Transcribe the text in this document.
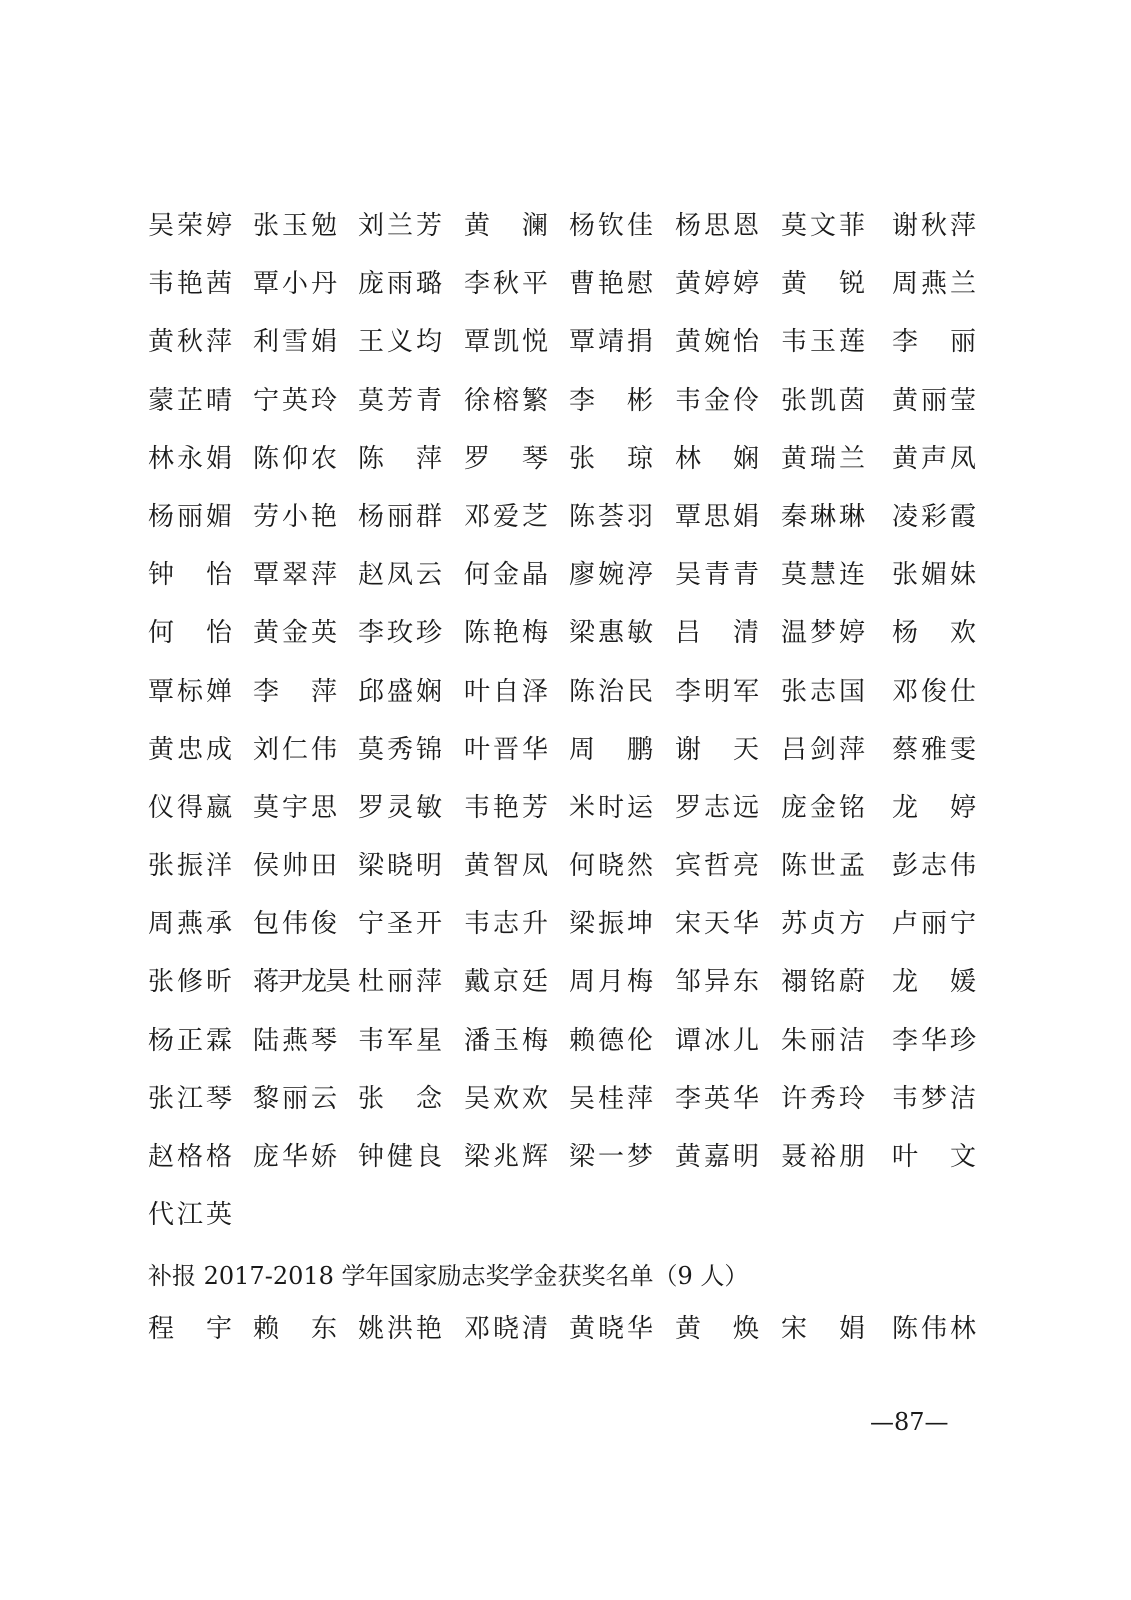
吴荣婷 张玉勉 刘兰芳 黄　澜 杨钦佳 杨思恩 莫文菲 谢秋萍
韦艳茜 覃小丹 庞雨璐 李秋平 曹艳慰 黄婷婷 黄　锐 周燕兰
黄秋萍 利雪娟 王义均 覃凯悦 覃靖捐 黄婉怡 韦玉莲 李　丽
蒙芷晴 宁英玲 莫芳青 徐榕繁 李　彬 韦金伶 张凯茵 黄丽莹
林永娟 陈仰农 陈　萍 罗　琴 张　琼 林　娴 黄瑞兰 黄声凤
杨丽媚 劳小艳 杨丽群 邓爱芝 陈荟羽 覃思娟 秦琳琳 凌彩霞
钟　怡 覃翠萍 赵凤云 何金晶 廖婉渟 吴青青 莫慧连 张媚妹
何　怡 黄金英 李玫珍 陈艳梅 梁惠敏 吕　清 温梦婷 杨　欢
覃标婵 李　萍 邱盛娴 叶自泽 陈治民 李明军 张志国 邓俊仕
黄忠成 刘仁伟 莫秀锦 叶晋华 周　鹏 谢　天 吕剑萍 蔡雅雯
仪得嬴 莫宇思 罗灵敏 韦艳芳 米时运 罗志远 庞金铭 龙　婷
张振洋 侯帅田 梁晓明 黄智凤 何晓然 宾哲亮 陈世孟 彭志伟
周燕承 包伟俊 宁圣开 韦志升 梁振坤 宋天华 苏贞方 卢丽宁
张修昕 蒋尹龙昊 杜丽萍 戴京廷 周月梅 邹异东 禤铭蔚 龙　媛
杨正霖 陆燕琴 韦军星 潘玉梅 赖德伦 谭冰儿 朱丽洁 李华珍
张江琴 黎丽云 张　念 吴欢欢 吴桂萍 李英华 许秀玲 韦梦洁
赵格格 庞华娇 钟健良 梁兆辉 梁一梦 黄嘉明 聂裕朋 叶　文
代江英
补报 2017-2018 学年国家励志奖学金获奖名单（9 人）
程　宇 赖　东 姚洪艳 邓晓清 黄晓华 黄　焕 宋　娟 陈伟林
—87—
